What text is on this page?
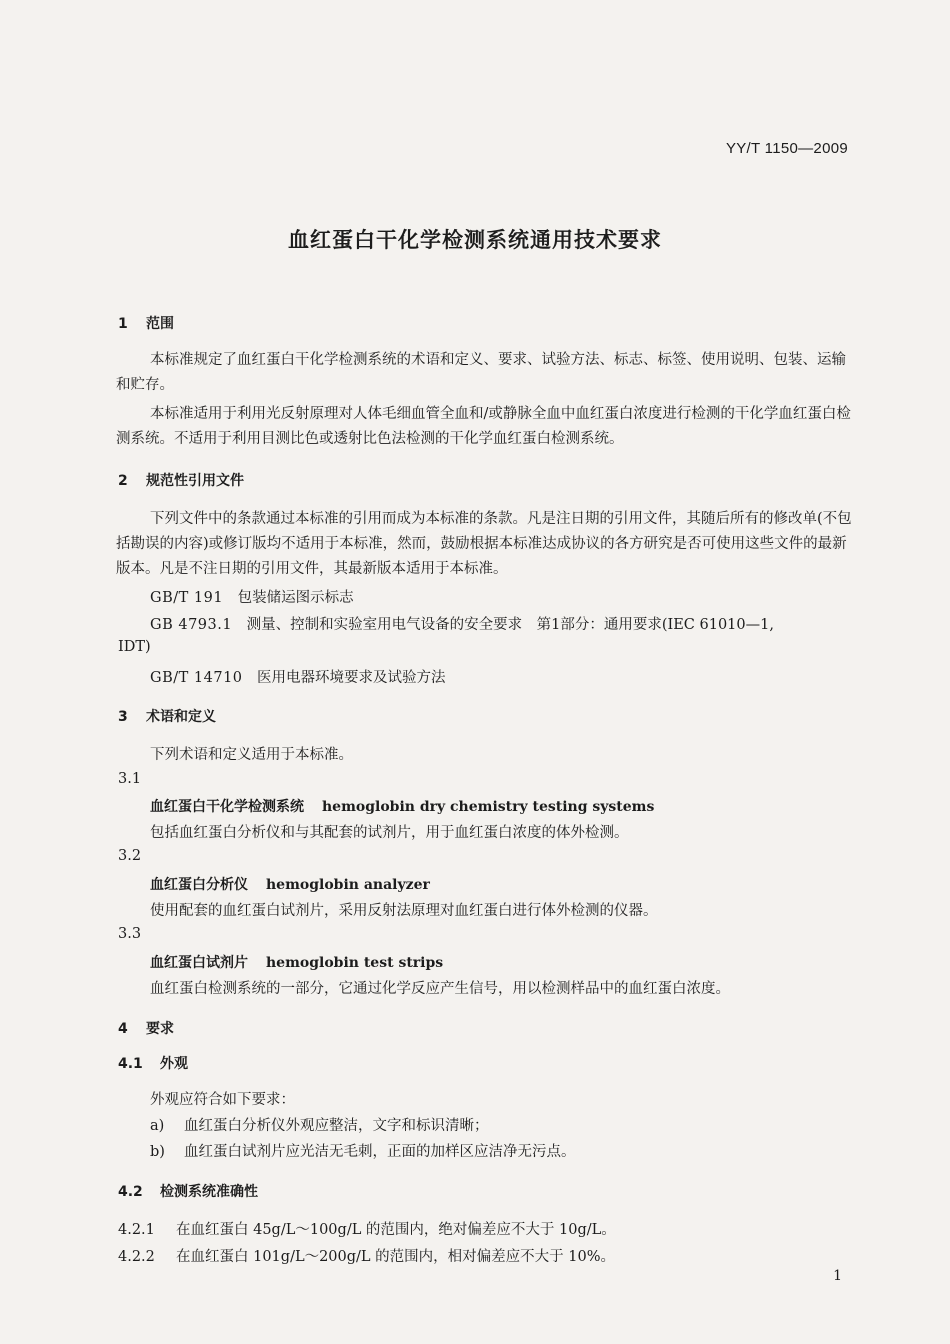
YY/T 1150—2009
血红蛋白干化学检测系统通用技术要求
1 范围
本标准规定了血红蛋白干化学检测系统的术语和定义、要求、试验方法、标志、标签、使用说明、包装、运输和贮存。
本标准适用于利用光反射原理对人体毛细血管全血和/或静脉全血中血红蛋白浓度进行检测的干化学血红蛋白检测系统。不适用于利用目测比色或透射比色法检测的干化学血红蛋白检测系统。
2 规范性引用文件
下列文件中的条款通过本标准的引用而成为本标准的条款。凡是注日期的引用文件，其随后所有的修改单(不包括勘误的内容)或修订版均不适用于本标准，然而，鼓励根据本标准达成协议的各方研究是否可使用这些文件的最新版本。凡是不注日期的引用文件，其最新版本适用于本标准。
GB/T 191　 包装储运图示标志
GB 4793.1　 测量、控制和实验室用电气设备的安全要求　第1部分：通用要求(IEC 61010—1,
IDT)
GB/T 14710　 医用电器环境要求及试验方法
3 术语和定义
下列术语和定义适用于本标准。
3.1
血红蛋白干化学检测系统 hemoglobin dry chemistry testing systems
包括血红蛋白分析仪和与其配套的试剂片，用于血红蛋白浓度的体外检测。
3.2
血红蛋白分析仪 hemoglobin analyzer
使用配套的血红蛋白试剂片，采用反射法原理对血红蛋白进行体外检测的仪器。
3.3
血红蛋白试剂片 hemoglobin test strips
血红蛋白检测系统的一部分，它通过化学反应产生信号，用以检测样品中的血红蛋白浓度。
4 要求
4.1 外观
外观应符合如下要求：
a) 血红蛋白分析仪外观应整洁，文字和标识清晰；
b) 血红蛋白试剂片应光洁无毛刺，正面的加样区应洁净无污点。
4.2 检测系统准确性
4.2.1 在血红蛋白 45g/L～100g/L 的范围内，绝对偏差应不大于 10g/L。
4.2.2 在血红蛋白 101g/L～200g/L 的范围内，相对偏差应不大于 10%。
1
